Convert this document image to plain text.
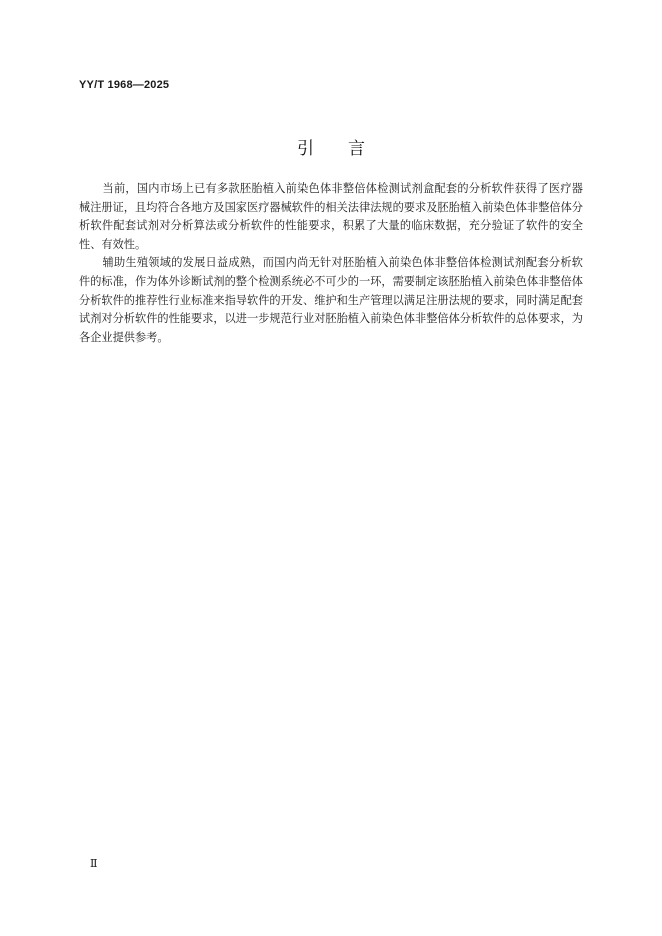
YY/T 1968—2025
引 言

当前，国内市场上已有多款胚胎植入前染色体非整倍体检测试剂盒配套的分析软件获得了医疗器械注册证，且均符合各地方及国家医疗器械软件的相关法律法规的要求及胚胎植入前染色体非整倍体分析软件配套试剂对分析算法或分析软件的性能要求，积累了大量的临床数据，充分验证了软件的安全性、有效性。

辅助生殖领域的发展日益成熟，而国内尚无针对胚胎植入前染色体非整倍体检测试剂配套分析软件的标准，作为体外诊断试剂的整个检测系统必不可少的一环，需要制定该胚胎植入前染色体非整倍体分析软件的推荐性行业标准来指导软件的开发、维护和生产管理以满足注册法规的要求，同时满足配套试剂对分析软件的性能要求，以进一步规范行业对胚胎植入前染色体非整倍体分析软件的总体要求，为各企业提供参考。

Ⅱ
